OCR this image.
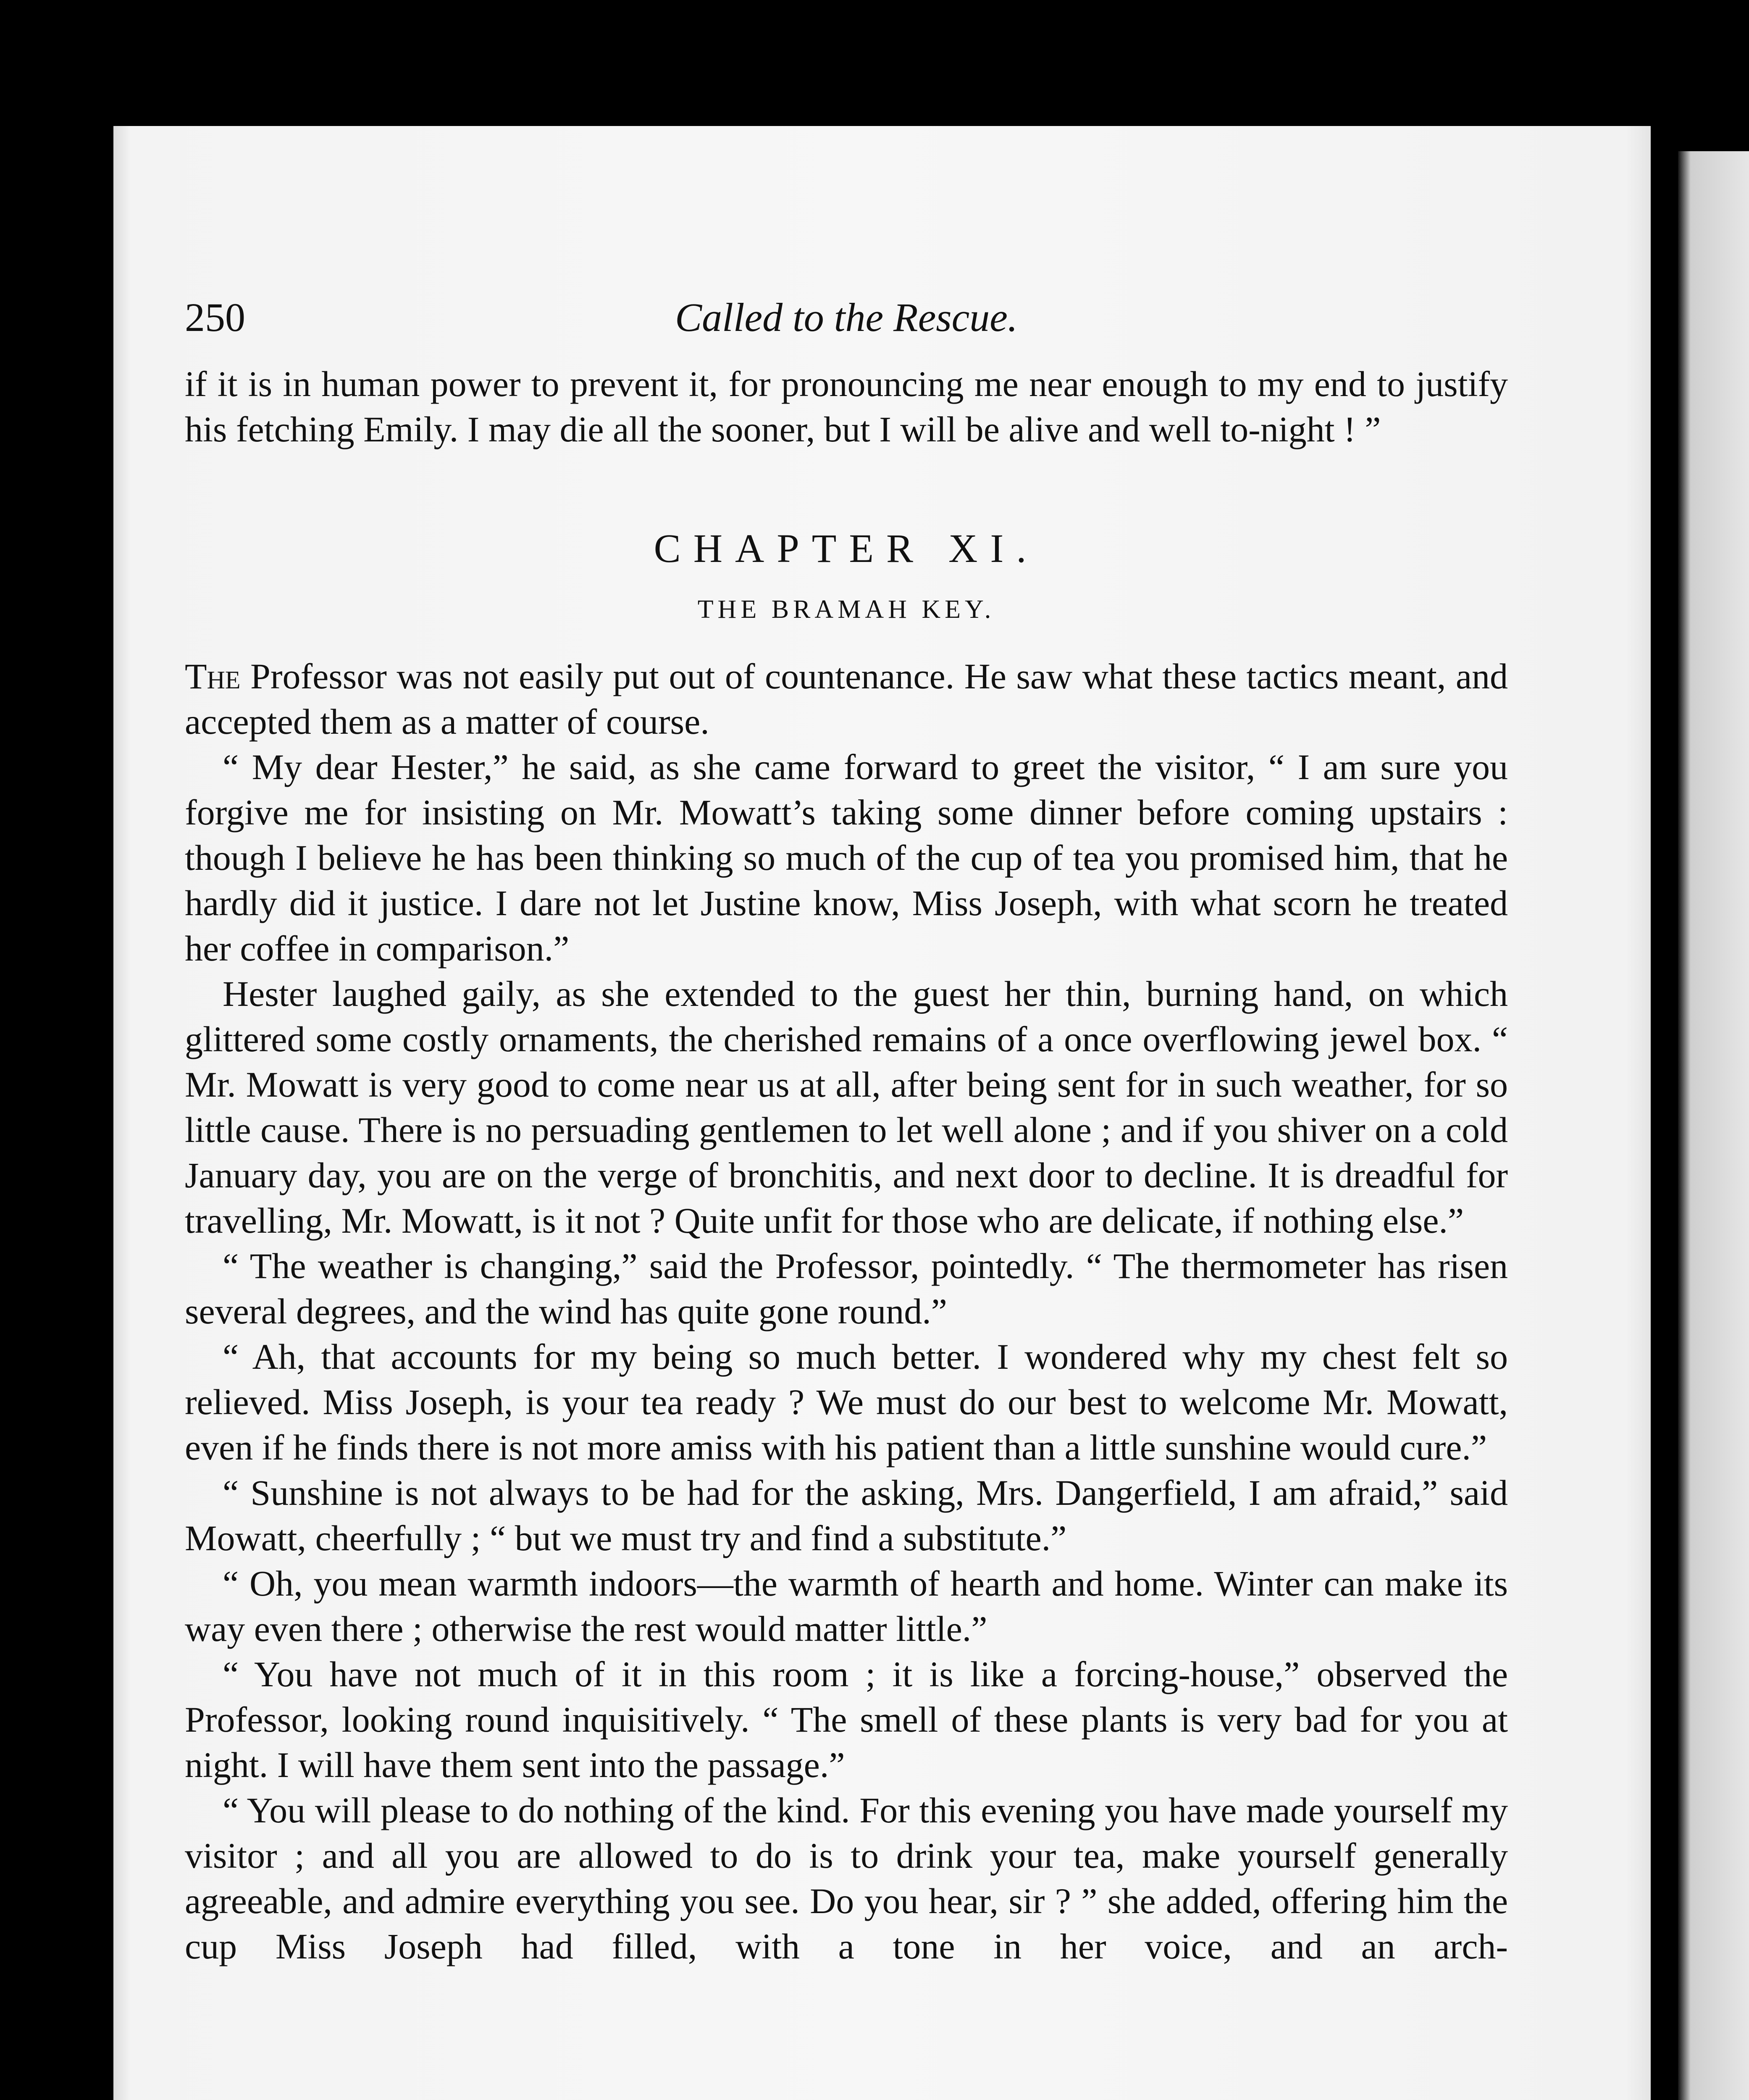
250	Called to the Rescue.

if it is in human power to prevent it, for pronouncing me near enough to my end to justify his fetching Emily. I may die all the sooner, but I will be alive and well to-night ! ”

CHAPTER XI.
THE BRAMAH KEY.

The Professor was not easily put out of countenance. He saw what these tactics meant, and accepted them as a matter of course.

“ My dear Hester,” he said, as she came forward to greet the visitor, “ I am sure you forgive me for insisting on Mr. Mowatt’s taking some dinner before coming upstairs : though I believe he has been thinking so much of the cup of tea you promised him, that he hardly did it justice. I dare not let Justine know, Miss Joseph, with what scorn he treated her coffee in comparison.”

Hester laughed gaily, as she extended to the guest her thin, burning hand, on which glittered some costly ornaments, the cherished remains of a once overflowing jewel box. “ Mr. Mowatt is very good to come near us at all, after being sent for in such weather, for so little cause. There is no persuading gentlemen to let well alone ; and if you shiver on a cold January day, you are on the verge of bronchitis, and next door to decline. It is dreadful for travelling, Mr. Mowatt, is it not ? Quite unfit for those who are delicate, if nothing else.”

“ The weather is changing,” said the Professor, pointedly. “ The thermometer has risen several degrees, and the wind has quite gone round.”

“ Ah, that accounts for my being so much better. I wondered why my chest felt so relieved. Miss Joseph, is your tea ready ? We must do our best to welcome Mr. Mowatt, even if he finds there is not more amiss with his patient than a little sunshine would cure.”

“ Sunshine is not always to be had for the asking, Mrs. Dangerfield, I am afraid,” said Mowatt, cheerfully ; “ but we must try and find a substitute.”

“ Oh, you mean warmth indoors—the warmth of hearth and home. Winter can make its way even there ; otherwise the rest would matter little.”

“ You have not much of it in this room ; it is like a forcing-house,” observed the Professor, looking round inquisitively. “ The smell of these plants is very bad for you at night. I will have them sent into the passage.”

“ You will please to do nothing of the kind. For this evening you have made yourself my visitor ; and all you are allowed to do is to drink your tea, make yourself generally agreeable, and admire everything you see. Do you hear, sir ? ” she added, offering him the cup Miss Joseph had filled, with a tone in her voice, and an arch-
